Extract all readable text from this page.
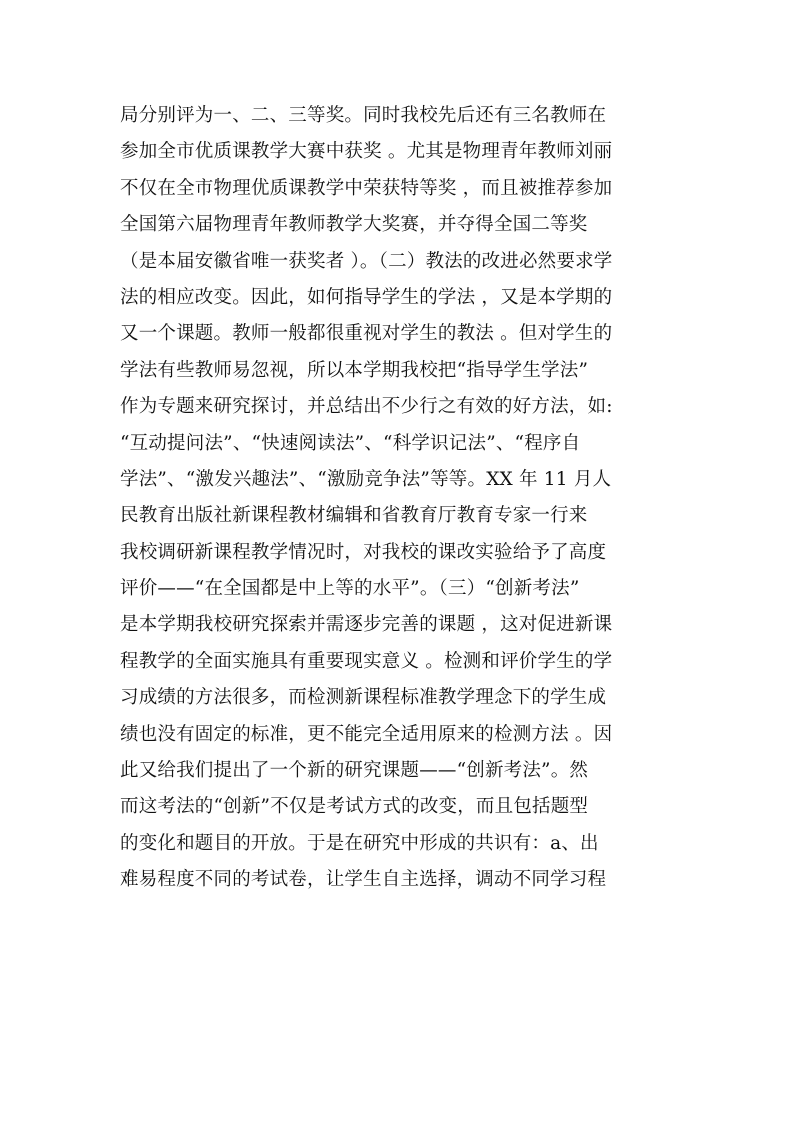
局分别评为一、二、三等奖。同时我校先后还有三名教师在
参加全市优质课教学大赛中获奖 。尤其是物理青年教师刘丽
不仅在全市物理优质课教学中荣获特等奖 ，而且被推荐参加
全国第六届物理青年教师教学大奖赛，并夺得全国二等奖
（是本届安徽省唯一获奖者 ）。（二）教法的改进必然要求学
法的相应改变。因此，如何指导学生的学法 ，又是本学期的
又一个课题。教师一般都很重视对学生的教法 。但对学生的
学法有些教师易忽视，所以本学期我校把“指导学生学法”
作为专题来研究探讨，并总结出不少行之有效的好方法，如:
“互动提问法”、“快速阅读法”、“科学识记法”、“程序自
学法”、“激发兴趣法”、“激励竞争法”等等。XX 年 11 月人
民教育出版社新课程教材编辑和省教育厅教育专家一行来
我校调研新课程教学情况时，对我校的课改实验给予了高度
评价——“在全国都是中上等的水平”。（三）“创新考法”
是本学期我校研究探索并需逐步完善的课题 ，这对促进新课
程教学的全面实施具有重要现实意义 。检测和评价学生的学
习成绩的方法很多，而检测新课程标准教学理念下的学生成
绩也没有固定的标准，更不能完全适用原来的检测方法 。因
此又给我们提出了一个新的研究课题——“创新考法”。然
而这考法的“创新”不仅是考试方式的改变，而且包括题型
的变化和题目的开放。于是在研究中形成的共识有：a、出
难易程度不同的考试卷，让学生自主选择，调动不同学习程
